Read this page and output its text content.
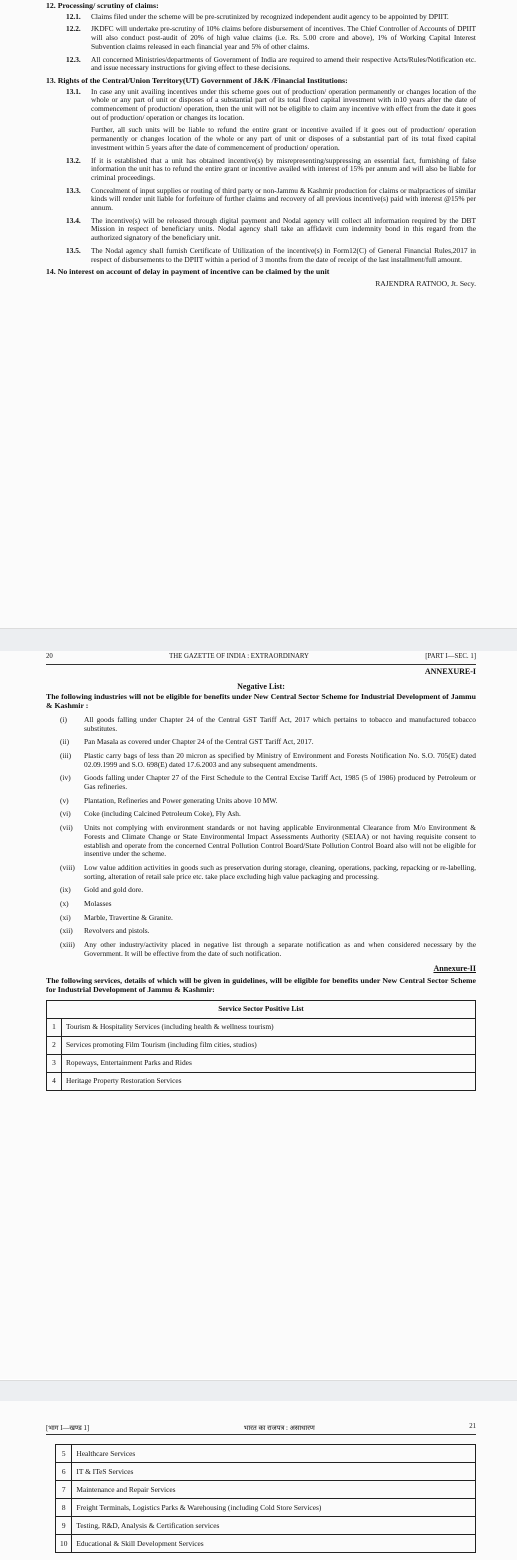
12. Processing/ scrutiny of claims:
12.1.	Claims filed under the scheme will be pre-scrutinized by recognized independent audit agency to be appointed by DPIIT.
12.2.	JKDFC will undertake pre-scrutiny of 10% claims before disbursement of incentives. The Chief Controller of Accounts of DPIIT will also conduct post-audit of 20% of high value claims (i.e. Rs. 5.00 crore and above), 1% of Working Capital Interest Subvention claims released in each financial year and 5% of other claims.
12.3.	All concerned Ministries/departments of Government of India are required to amend their respective Acts/Rules/Notification etc. and issue necessary instructions for giving effect to these decisions.
13. Rights of the Central/Union Territory(UT) Government of J&K /Financial Institutions:
13.1.	In case any unit availing incentives under this scheme goes out of production/ operation permanently or changes location of the whole or any part of unit or disposes of a substantial part of its total fixed capital investment with in10 years after the date of commencement of production/ operation, then the unit will not be eligible to claim any incentive with effect from the date it goes out of production/ operation or changes its location.
Further, all such units will be liable to refund the entire grant or incentive availed if it goes out of production/ operation permanently or changes location of the whole or any part of unit or disposes of a substantial part of its total fixed capital investment within 5 years after the date of commencement of production/ operation.
13.2.	If it is established that a unit has obtained incentive(s) by misrepresenting/suppressing an essential fact, furnishing of false information the unit has to refund the entire grant or incentive availed with interest of 15% per annum and will also be liable for criminal proceedings.
13.3.	Concealment of input supplies or routing of third party or non-Jammu & Kashmir production for claims or malpractices of similar kinds will render unit liable for forfeiture of further claims and recovery of all previous incentive(s) paid with interest @15% per annum.
13.4.	The incentive(s) will be released through digital payment and Nodal agency will collect all information required by the DBT Mission in respect of beneficiary units. Nodal agency shall take an affidavit cum indemnity bond in this regard from the authorized signatory of the beneficiary unit.
13.5.	The Nodal agency shall furnish Certificate of Utilization of the incentive(s) in Form12(C) of General Financial Rules,2017 in respect of disbursements to the DPIIT within a period of 3 months from the date of receipt of the last installment/full amount.
14. No interest on account of delay in payment of incentive can be claimed by the unit
RAJENDRA RATNOO, Jt. Secy.
20	THE GAZETTE OF INDIA : EXTRAORDINARY	[PART I—SEC. 1]
ANNEXURE-I
Negative List:
The following industries will not be eligible for benefits under New Central Sector Scheme for Industrial Development of Jammu & Kashmir :
(i)	All goods falling under Chapter 24 of the Central GST Tariff Act, 2017 which pertains to tobacco and manufactured tobacco substitutes.
(ii)	Pan Masala as covered under Chapter 24 of the Central GST Tariff Act, 2017.
(iii)	Plastic carry bags of less than 20 micron as specified by Ministry of Environment and Forests Notification No. S.O. 705(E) dated 02.09.1999 and S.O. 698(E) dated 17.6.2003 and any subsequent amendments.
(iv)	Goods falling under Chapter 27 of the First Schedule to the Central Excise Tariff Act, 1985 (5 of 1986) produced by Petroleum or Gas refineries.
(v)	Plantation, Refineries and Power generating Units above 10 MW.
(vi)	Coke (including Calcined Petroleum Coke), Fly Ash.
(vii)	Units not complying with environment standards or not having applicable Environmental Clearance from M/o Environment & Forests and Climate Change or State Environmental Impact Assessments Authority (SEIAA) or not having requisite consent to establish and operate from the concerned Central Pollution Control Board/State Pollution Control Board also will not be eligible for insentive under the scheme.
(viii)	Low value addition activities in goods such as preservation during storage, cleaning, operations, packing, repacking or re-labelling, sorting, alteration of retail sale price etc. take place excluding high value packaging and processing.
(ix)	Gold and gold dore.
(x)	Molasses
(xi)	Marble, Travertine & Granite.
(xii)	Revolvers and pistols.
(xiii)	Any other industry/activity placed in negative list through a separate notification as and when considered necessary by the Government. It will be effective from the date of such notification.
Annexure-II
The following services, details of which will be given in guidelines, will be eligible for benefits under New Central Sector Scheme for Industrial Development of Jammu & Kashmir:
Service Sector Positive List	
1	Tourism & Hospitality Services (including health & wellness tourism)
2	Services promoting Film Tourism (including film cities, studios)
3	Ropeways, Entertainment Parks and Rides
4	Heritage Property Restoration Services
[भाग I—खण्ड 1]	भारत का राजपत्र : असाधारण	21
5	Healthcare Services
6	IT & ITeS Services
7	Maintenance and Repair Services
8	Freight Terminals, Logistics Parks & Warehousing (including Cold Store Services)
9	Testing, R&D, Analysis & Certification services
10	Educational & Skill Development Services
